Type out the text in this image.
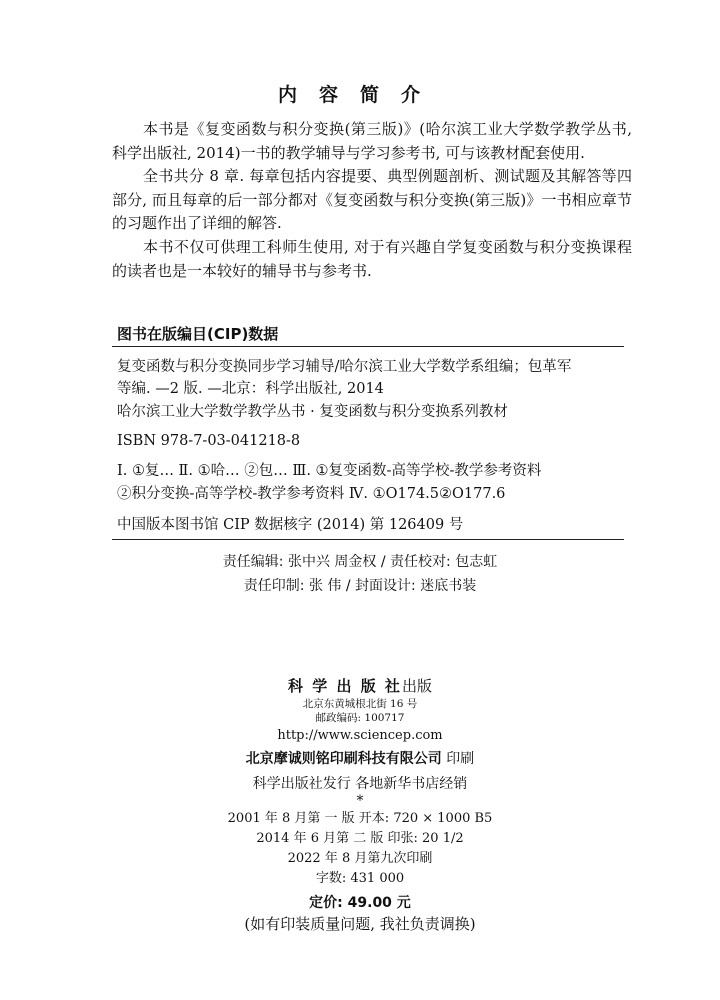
内容简介
本书是《复变函数与积分变换(第三版)》(哈尔滨工业大学数学教学丛书, 科学出版社, 2014)一书的教学辅导与学习参考书, 可与该教材配套使用.
全书共分 8 章. 每章包括内容提要、典型例题剖析、测试题及其解答等四部分, 而且每章的后一部分都对《复变函数与积分变换(第三版)》一书相应章节的习题作出了详细的解答.
本书不仅可供理工科师生使用, 对于有兴趣自学复变函数与积分变换课程的读者也是一本较好的辅导书与参考书.
图书在版编目(CIP)数据
复变函数与积分变换同步学习辅导/哈尔滨工业大学数学系组编；包革军
等编. —2 版. —北京：科学出版社, 2014
哈尔滨工业大学数学教学丛书 · 复变函数与积分变换系列教材
ISBN 978-7-03-041218-8
Ⅰ. ①复… Ⅱ. ①哈… ②包… Ⅲ. ①复变函数-高等学校-教学参考资料
②积分变换-高等学校-教学参考资料 Ⅳ. ①O174.5②O177.6
中国版本图书馆 CIP 数据核字 (2014) 第 126409 号
责任编辑: 张中兴 周金权 / 责任校对: 包志虹
责任印制: 张 伟 / 封面设计: 迷底书装
科 学 出 版 社出版
北京东黄城根北街 16 号
邮政编码: 100717
http://www.sciencep.com
北京摩诚则铭印刷科技有限公司 印刷
科学出版社发行 各地新华书店经销
*
2001 年 8 月第 一 版 开本: 720 × 1000 B5
2014 年 6 月第 二 版 印张: 20 1/2
2022 年 8 月第九次印刷
字数: 431 000
定价: 49.00 元
(如有印装质量问题, 我社负责调换)
